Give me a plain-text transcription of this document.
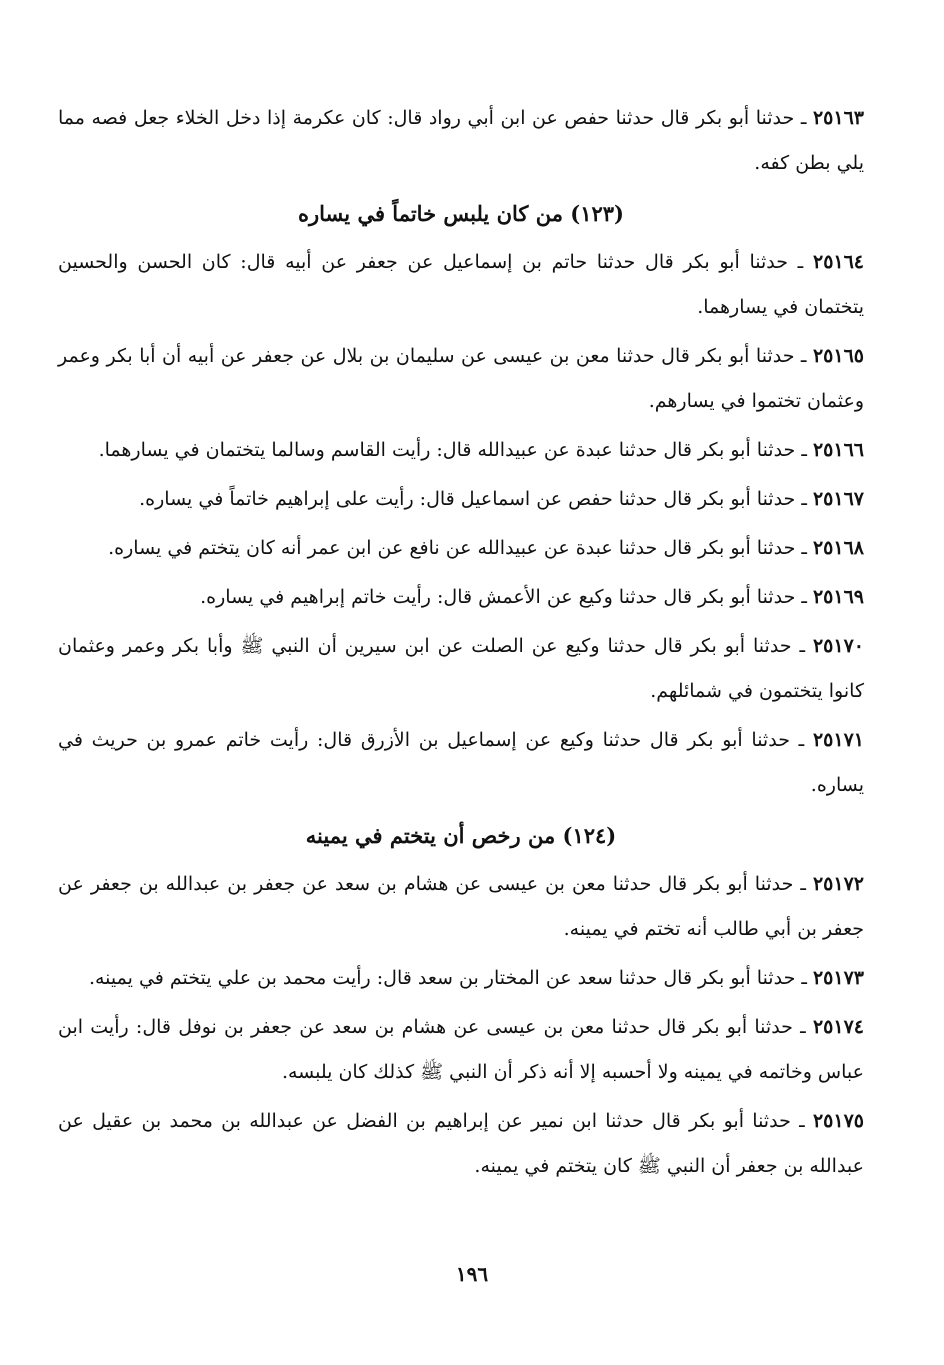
٢٥١٦٣ ـ حدثنا أبو بكر قال حدثنا حفص عن ابن أبي رواد قال: كان عكرمة إذا دخل الخلاء جعل فصه مما يلي بطن كفه.

(١٢٣) من كان يلبس خاتماً في يساره

٢٥١٦٤ ـ حدثنا أبو بكر قال حدثنا حاتم بن إسماعيل عن جعفر عن أبيه قال: كان الحسن والحسين يتختمان في يسارهما.

٢٥١٦٥ ـ حدثنا أبو بكر قال حدثنا معن بن عيسى عن سليمان بن بلال عن جعفر عن أبيه أن أبا بكر وعمر وعثمان تختموا في يسارهم.

٢٥١٦٦ ـ حدثنا أبو بكر قال حدثنا عبدة عن عبيدالله قال: رأيت القاسم وسالما يتختمان في يسارهما.

٢٥١٦٧ ـ حدثنا أبو بكر قال حدثنا حفص عن اسماعيل قال: رأيت على إبراهيم خاتماً في يساره.

٢٥١٦٨ ـ حدثنا أبو بكر قال حدثنا عبدة عن عبيدالله عن نافع عن ابن عمر أنه كان يتختم في يساره.

٢٥١٦٩ ـ حدثنا أبو بكر قال حدثنا وكيع عن الأعمش قال: رأيت خاتم إبراهيم في يساره.

٢٥١٧٠ ـ حدثنا أبو بكر قال حدثنا وكيع عن الصلت عن ابن سيرين أن النبي ﷺ وأبا بكر وعمر وعثمان كانوا يتختمون في شمائلهم.

٢٥١٧١ ـ حدثنا أبو بكر قال حدثنا وكيع عن إسماعيل بن الأزرق قال: رأيت خاتم عمرو بن حريث في يساره.

(١٢٤) من رخص أن يتختم في يمينه

٢٥١٧٢ ـ حدثنا أبو بكر قال حدثنا معن بن عيسى عن هشام بن سعد عن جعفر بن عبدالله بن جعفر عن جعفر بن أبي طالب أنه تختم في يمينه.

٢٥١٧٣ ـ حدثنا أبو بكر قال حدثنا سعد عن المختار بن سعد قال: رأيت محمد بن علي يتختم في يمينه.

٢٥١٧٤ ـ حدثنا أبو بكر قال حدثنا معن بن عيسى عن هشام بن سعد عن جعفر بن نوفل قال: رأيت ابن عباس وخاتمه في يمينه ولا أحسبه إلا أنه ذكر أن النبي ﷺ كذلك كان يلبسه.

٢٥١٧٥ ـ حدثنا أبو بكر قال حدثنا ابن نمير عن إبراهيم بن الفضل عن عبدالله بن محمد بن عقيل عن عبدالله بن جعفر أن النبي ﷺ كان يتختم في يمينه.

١٩٦
